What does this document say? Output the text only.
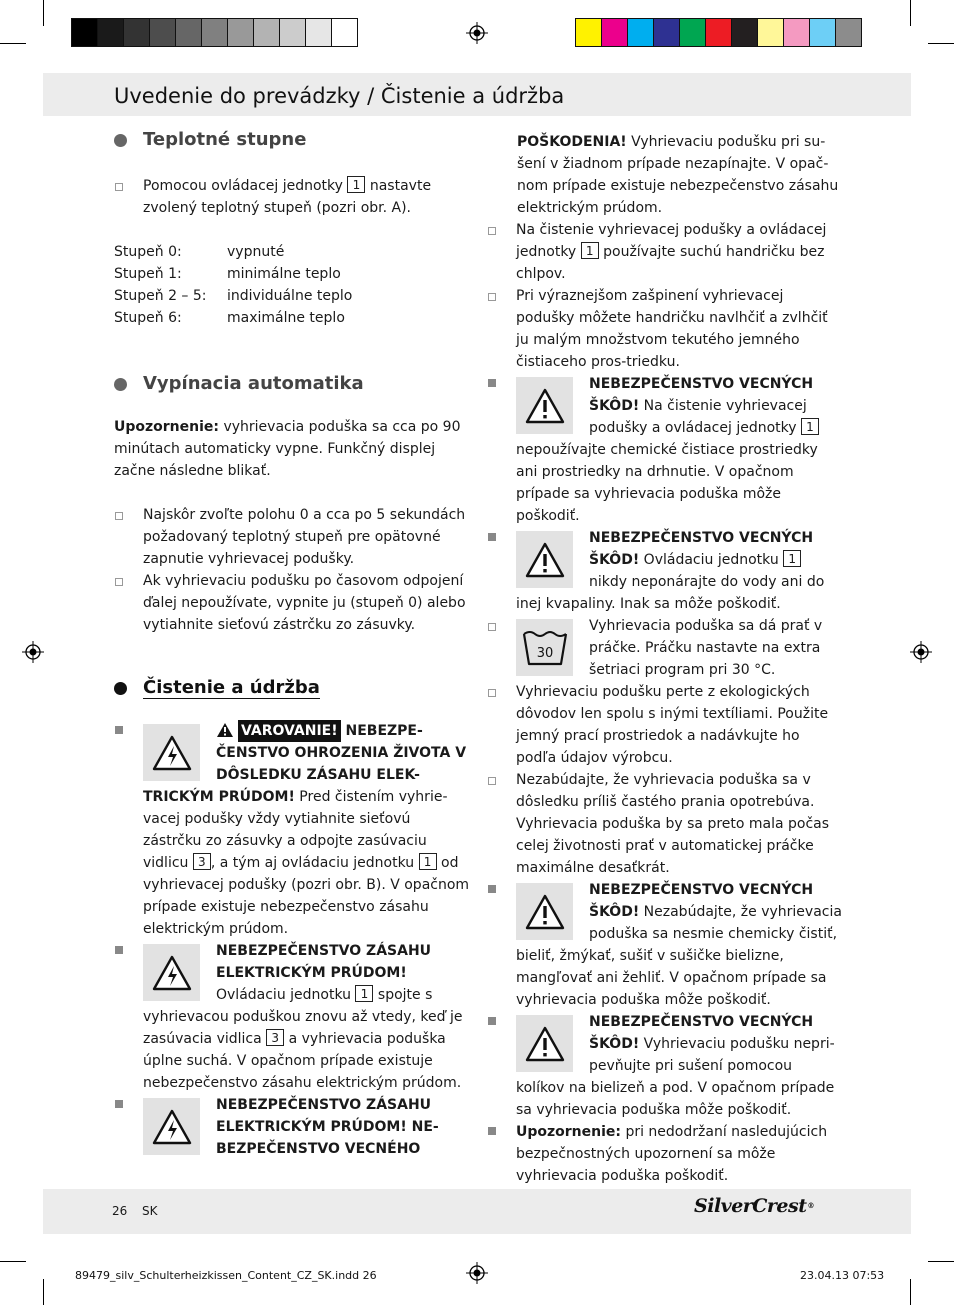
Uvedenie do prevádzky / Čistenie a údržba
Teplotné stupne

Pomocou ovládacej jednotky 1 nastavte zvolený teplotný stupeň (pozri obr. A).

Stupeň 0:	vypnuté
Stupeň 1:	minimálne teplo
Stupeň 2 – 5:	individuálne teplo
Stupeň 6:	maximálne teplo
Vypínacia automatika

Upozornenie: vyhrievacia poduška sa cca po 90 minútach automaticky vypne. Funkčný displej začne následne blikať.

Najskôr zvoľte polohu 0 a cca po 5 sekundách požadovaný teplotný stupeň pre opätovné zapnutie vyhrievacej podušky.

Ak vyhrievaciu podušku po časovom odpojení ďalej nepoužívate, vypnite ju (stupeň 0) alebo vytiahnite sieťovú zástrčku zo zásuvky.

Čistenie a údržba

VAROVANIE! NEBEZPE-ČENSTVO OHROZENIA ŽIVOTA V DÔSLEDKU ZÁSAHU ELEK-TRICKÝM PRÚDOM! Pred čistením vyhrie-vacej podušky vždy vytiahnite sieťovú zástrčku zo zásuvky a odpojte zasúvaciu vidlicu 3 , a tým aj ovládaciu jednotku 1 od vyhrievacej podušky (pozri obr. B). V opačnom prípade existuje nebezpečenstvo zásahu elektrickým prúdom.

NEBEZPEČENSTVO ZÁSAHU ELEKTRICKÝM PRÚDOM! Ovládaciu jednotku 1 spojte s vyhrievacou poduškou znovu až vtedy, keď je zasúvacia vidlica 3 a vyhrievacia poduška úplne suchá. V opačnom prípade existuje nebezpečenstvo zásahu elektrickým prúdom.

NEBEZPEČENSTVO ZÁSAHU ELEKTRICKÝM PRÚDOM! NE-BEZPEČENSTVO VECNÉHO

POŠKODENIA! Vyhrievaciu podušku pri su-šení v žiadnom prípade nezapínajte. V opač-nom prípade existuje nebezpečenstvo zásahu elektrickým prúdom.

Na čistenie vyhrievacej podušky a ovládacej jednotky 1 používajte suchú handričku bez chlpov.

Pri výraznejšom zašpinení vyhrievacej podušky môžete handričku navlhčiť a zvlhčiť ju malým množstvom tekutého jemného čistiaceho pros-triedku.

NEBEZPEČENSTVO VECNÝCH ŠKÔD! Na čistenie vyhrievacej podušky a ovládacej jednotky 1 nepoužívajte chemické čistiace prostriedky ani prostriedky na drhnutie. V opačnom prípade sa vyhrievacia poduška môže poškodiť.

NEBEZPEČENSTVO VECNÝCH ŠKÔD! Ovládaciu jednotku 1 nikdy neponárajte do vody ani do inej kvapaliny. Inak sa môže poškodiť.

30

Vyhrievacia poduška sa dá prať v práčke. Práčku nastavte na extra šetriaci program pri 30 °C.

Vyhrievaciu podušku perte z ekologických dôvodov len spolu s inými textíliami. Použite jemný prací prostriedok a nadávkujte ho podľa údajov výrobcu.

Nezabúdajte, že vyhrievacia poduška sa v dôsledku príliš častého prania opotrebúva. Vyhrievacia poduška by sa preto mala počas celej životnosti prať v automatickej práčke maximálne desaťkrát.

NEBEZPEČENSTVO VECNÝCH ŠKÔD! Nezabúdajte, že vyhrievacia poduška sa nesmie chemicky čistiť, bieliť, žmýkať, sušiť v sušičke bielizne, mangľovať ani žehliť. V opačnom prípade sa vyhrievacia poduška môže poškodiť.

NEBEZPEČENSTVO VECNÝCH ŠKÔD! Vyhrievaciu podušku nepri-pevňujte pri sušení pomocou kolíkov na bielizeň a pod. V opačnom prípade sa vyhrievacia poduška môže poškodiť.

Upozornenie: pri nedodržaní nasledujúcich bezpečnostných upozornení sa môže vyhrievacia poduška poškodiť.

26 SK	SilverCrest®
89479_silv_Schulterheizkissen_Content_CZ_SK.indd 26	23.04.13 07:53
